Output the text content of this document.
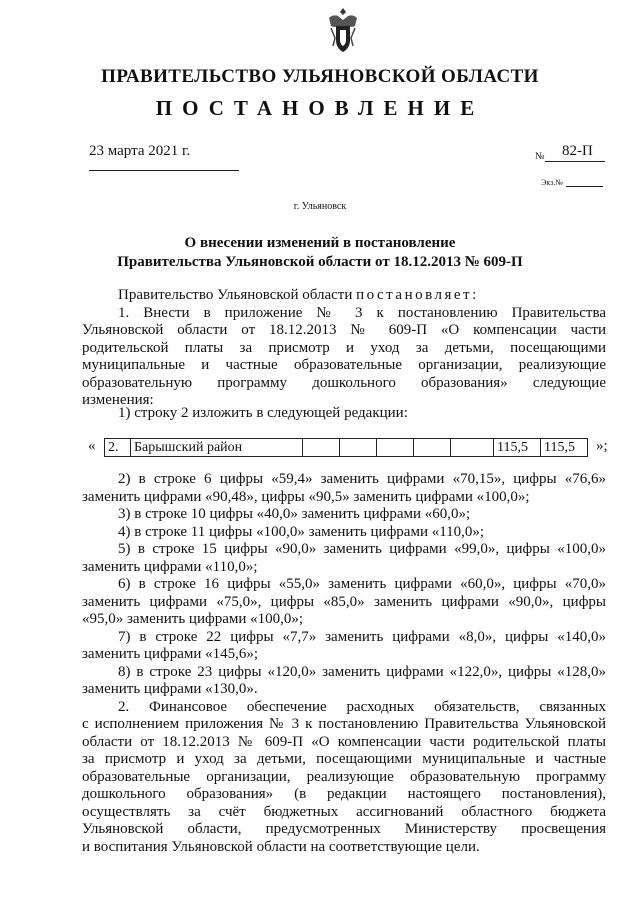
ПРАВИТЕЛЬСТВО УЛЬЯНОВСКОЙ ОБЛАСТИ
ПОСТАНОВЛЕНИЕ
23 марта 2021 г.	№ 82-П
Экз.№
г. Ульяновск
О внесении изменений в постановление
Правительства Ульяновской области от 18.12.2013 № 609-П
Правительство Ульяновской области постановляет:
1. Внести в приложение № 3 к постановлению Правительства
Ульяновской области от 18.12.2013 № 609-П «О компенсации части
родительской платы за присмотр и уход за детьми, посещающими
муниципальные и частные образовательные организации, реализующие
образовательную программу дошкольного образования» следующие
изменения:
1) строку 2 изложить в следующей редакции:
« 2.	Барышский район						115,5	115,5 »;
2) в строке 6 цифры «59,4» заменить цифрами «70,15», цифры «76,6»
заменить цифрами «90,48», цифры «90,5» заменить цифрами «100,0»;
3) в строке 10 цифры «40,0» заменить цифрами «60,0»;
4) в строке 11 цифры «100,0» заменить цифрами «110,0»;
5) в строке 15 цифры «90,0» заменить цифрами «99,0», цифры «100,0»
заменить цифрами «110,0»;
6) в строке 16 цифры «55,0» заменить цифрами «60,0», цифры «70,0»
заменить цифрами «75,0», цифры «85,0» заменить цифрами «90,0», цифры
«95,0» заменить цифрами «100,0»;
7) в строке 22 цифры «7,7» заменить цифрами «8,0», цифры «140,0»
заменить цифрами «145,6»;
8) в строке 23 цифры «120,0» заменить цифрами «122,0», цифры «128,0»
заменить цифрами «130,0».
2. Финансовое обеспечение расходных обязательств, связанных
с исполнением приложения № 3 к постановлению Правительства Ульяновской
области от 18.12.2013 № 609-П «О компенсации части родительской платы
за присмотр и уход за детьми, посещающими муниципальные и частные
образовательные организации, реализующие образовательную программу
дошкольного образования» (в редакции настоящего постановления),
осуществлять за счёт бюджетных ассигнований областного бюджета
Ульяновской области, предусмотренных Министерству просвещения
и воспитания Ульяновской области на соответствующие цели.
